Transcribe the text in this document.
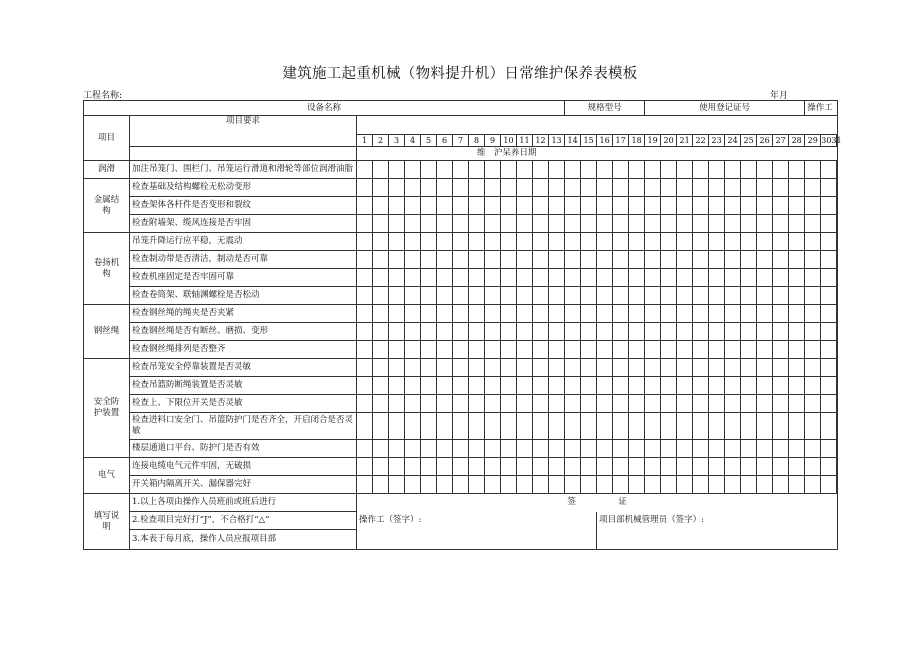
建筑施工起重机械（物料提升机）日常维护保养表模板
工程名称:	年月
设备名称															规格型号					使用登记证号										操作工		
项目	项目要求																															
		1	2	3	4	5	6	7	8	9	10	11	12	13	14	15	16	17	18	19	20	21	22	23	24	25	26	27	28	29	3031	
		维　沪呆养日期																														
润滑	加注吊笼门、围栏门、吊笼运行滑道和滑轮等部位润滑油脂																															
金属结构	检查基础及结构螺栓无松动变形																															
	检查架体各杆件是否变形和裂纹																															
	检查附墙架、缆风连接是否牢固																															
卷扬机构	吊笼升降运行应平稳，无震动																															
	检查制动带是否清洁，制动是否可靠																															
	检查机座固定是否牢固可靠																															
	检查卷筒架、联轴渊螺栓是否松动																															
钢丝绳	检查钢丝绳的绳夹是否夹紧																															
	检查钢丝绳是否有断丝、磨损、变形																															
	检查钢丝绳排列是否整齐																															
安全防护装置	检查吊笼安全停靠装置是否灵敏																															
	检查吊篮防断绳装置是否灵敏																															
	检查上、下限位开关是否灵敏																															
	检查进料口安全门、吊篮防护门是否齐全，开启闭合是否灵敏																															
	楼层通道口平台、防护门是否有效																															
电气	连接电缆电气元件牢固，无破损																															
	开关箱内隔离开关、漏保器完好																															
填写说明	1.以上各项由操作人员班前或班后进行	签　　　　　证																														
	2.检查项目完好打“J”，不合格打“△”	操作工（签字）:															项目部机械管理员（签字）:															
	3.本表于每月底，操作人员应报项目部																															
